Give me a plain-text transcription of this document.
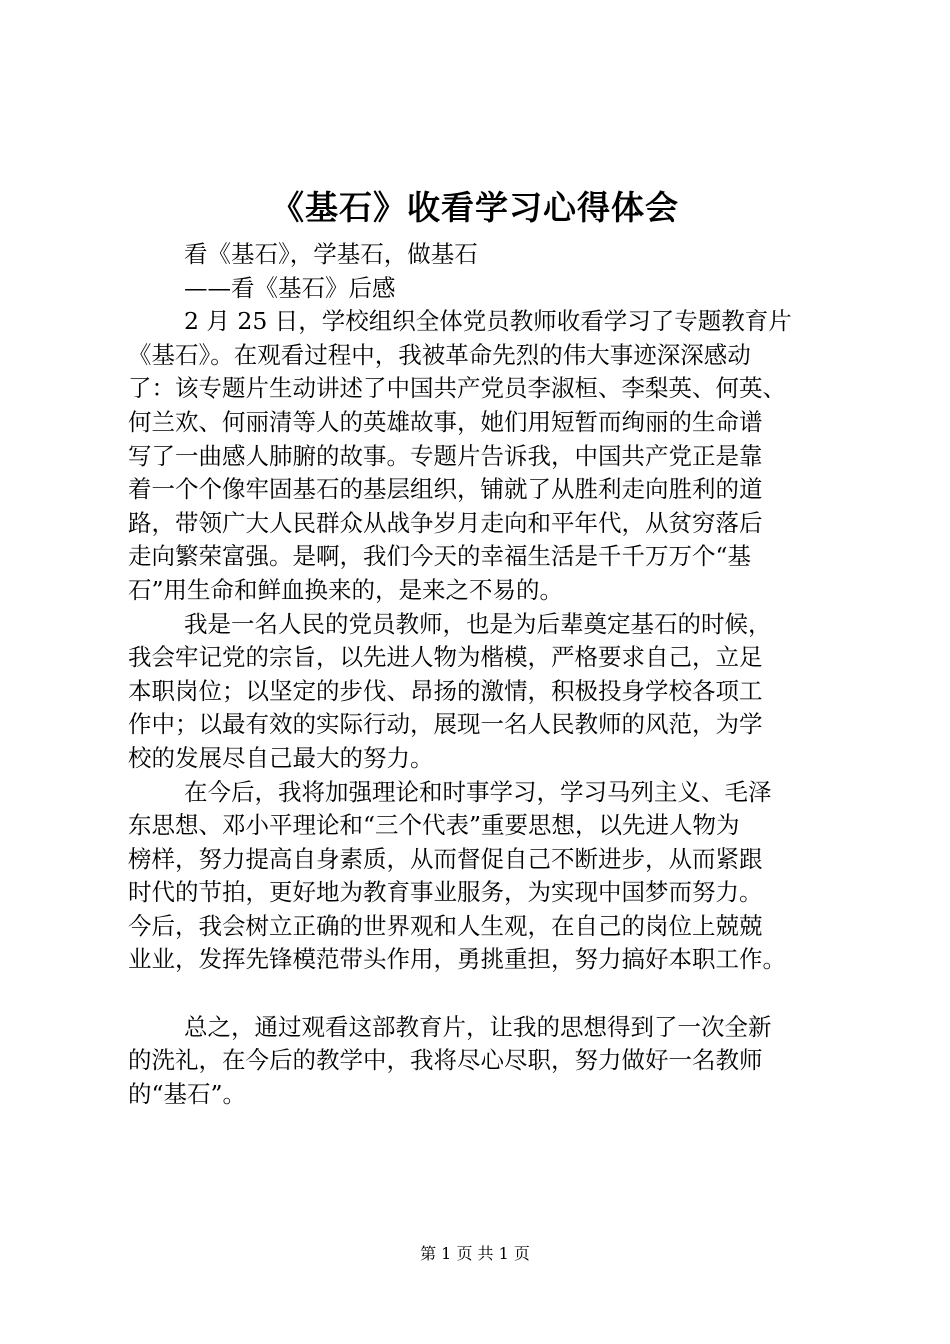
《基石》收看学习心得体会
看《基石》，学基石，做基石
——看《基石》后感
2 月 25 日，学校组织全体党员教师收看学习了专题教育片
《基石》。在观看过程中，我被革命先烈的伟大事迹深深感动
了：该专题片生动讲述了中国共产党员李淑桓、李梨英、何英、
何兰欢、何丽清等人的英雄故事，她们用短暂而绚丽的生命谱
写了一曲感人肺腑的故事。专题片告诉我，中国共产党正是靠
着一个个像牢固基石的基层组织，铺就了从胜利走向胜利的道
路，带领广大人民群众从战争岁月走向和平年代，从贫穷落后
走向繁荣富强。是啊，我们今天的幸福生活是千千万万个“基
石”用生命和鲜血换来的，是来之不易的。
我是一名人民的党员教师，也是为后辈奠定基石的时候，
我会牢记党的宗旨，以先进人物为楷模，严格要求自己，立足
本职岗位；以坚定的步伐、昂扬的激情，积极投身学校各项工
作中；以最有效的实际行动，展现一名人民教师的风范，为学
校的发展尽自己最大的努力。
在今后，我将加强理论和时事学习，学习马列主义、毛泽
东思想、邓小平理论和“三个代表”重要思想，以先进人物为
榜样，努力提高自身素质，从而督促自己不断进步，从而紧跟
时代的节拍，更好地为教育事业服务，为实现中国梦而努力。
今后，我会树立正确的世界观和人生观，在自己的岗位上兢兢
业业，发挥先锋模范带头作用，勇挑重担，努力搞好本职工作。
总之，通过观看这部教育片，让我的思想得到了一次全新
的洗礼，在今后的教学中，我将尽心尽职，努力做好一名教师
的“基石”。
第 1 页 共 1 页
